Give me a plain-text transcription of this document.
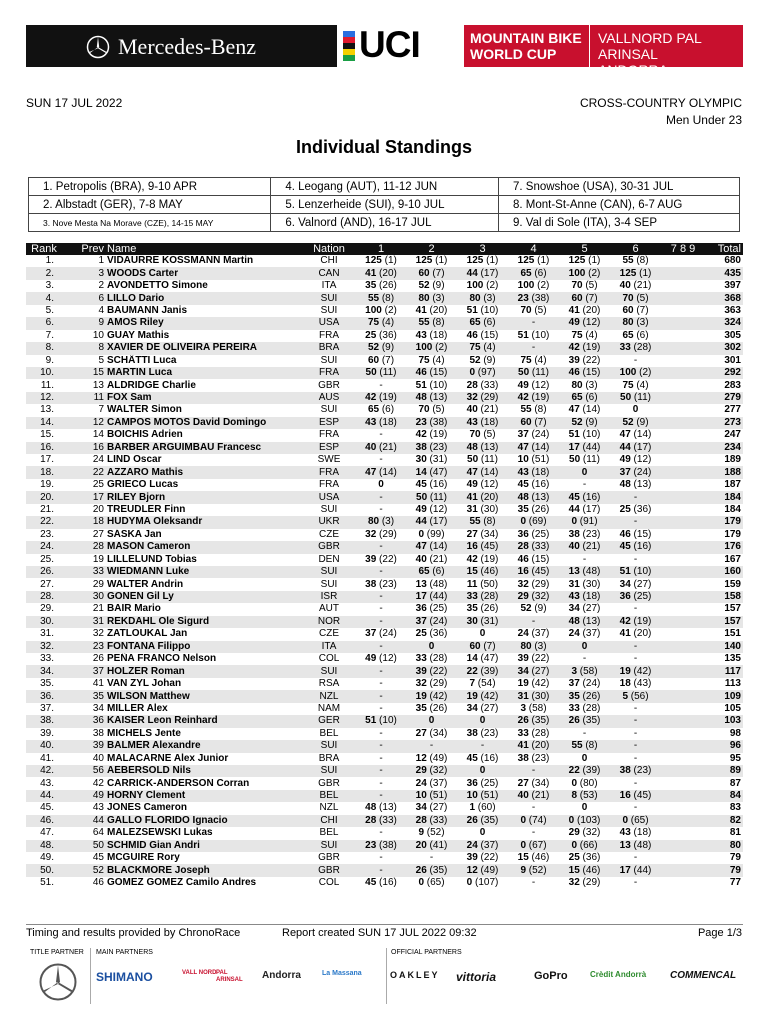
Mercedes-Benz	UCI	MOUNTAIN BIKE
WORLD CUP
VALLNORD PAL ARINSAL
ANDORRA
SUN 17 JUL 2022	CROSS-COUNTRY OLYMPIC
Men Under 23
Individual Standings
1. Petropolis (BRA), 9-10 APR	4. Leogang (AUT), 11-12 JUN	7. Snowshoe (USA), 30-31 JUL
2. Albstadt (GER), 7-8 MAY	5. Lenzerheide (SUI), 9-10 JUL	8. Mont-St-Anne (CAN), 6-7 AUG
3. Nove Mesta Na Morave (CZE), 14-15 MAY	6. Valnord (AND), 16-17 JUL	9. Val di Sole (ITA), 3-4 SEP
Rank	Prev	Name	Nation	1	2	3	4	5	6	7 8 9	Total
1.	1	VIDAURRE KOSSMANN Martin	CHI	125 (1)	125 (1)	125 (1)	125 (1)	125 (1)	55 (8)		680
2.	3	WOODS Carter	CAN	41 (20)	60 (7)	44 (17)	65 (6)	100 (2)	125 (1)		435
3.	2	AVONDETTO Simone	ITA	35 (26)	52 (9)	100 (2)	100 (2)	70 (5)	40 (21)		397
4.	6	LILLO Dario	SUI	55 (8)	80 (3)	80 (3)	23 (38)	60 (7)	70 (5)		368
5.	4	BAUMANN Janis	SUI	100 (2)	41 (20)	51 (10)	70 (5)	41 (20)	60 (7)		363
6.	9	AMOS Riley	USA	75 (4)	55 (8)	65 (6)	-	49 (12)	80 (3)		324
7.	10	GUAY Mathis	FRA	25 (36)	43 (18)	46 (15)	51 (10)	75 (4)	65 (6)		305
8.	8	XAVIER DE OLIVEIRA PEREIRA	BRA	52 (9)	100 (2)	75 (4)	-	42 (19)	33 (28)		302
9.	5	SCHÄTTI Luca	SUI	60 (7)	75 (4)	52 (9)	75 (4)	39 (22)	-		301
10.	15	MARTIN Luca	FRA	50 (11)	46 (15)	0 (97)	50 (11)	46 (15)	100 (2)		292
11.	13	ALDRIDGE Charlie	GBR	-	51 (10)	28 (33)	49 (12)	80 (3)	75 (4)		283
12.	11	FOX Sam	AUS	42 (19)	48 (13)	32 (29)	42 (19)	65 (6)	50 (11)		279
13.	7	WALTER Simon	SUI	65 (6)	70 (5)	40 (21)	55 (8)	47 (14)	0		277
14.	12	CAMPOS MOTOS David Domingo	ESP	43 (18)	23 (38)	43 (18)	60 (7)	52 (9)	52 (9)		273
15.	14	BOICHIS Adrien	FRA	-	42 (19)	70 (5)	37 (24)	51 (10)	47 (14)		247
16.	16	BARBER ARGUIMBAU Francesc	ESP	40 (21)	38 (23)	48 (13)	47 (14)	17 (44)	44 (17)		234
17.	24	LIND Oscar	SWE	-	30 (31)	50 (11)	10 (51)	50 (11)	49 (12)		189
18.	22	AZZARO Mathis	FRA	47 (14)	14 (47)	47 (14)	43 (18)	0	37 (24)		188
19.	25	GRIECO Lucas	FRA	0	45 (16)	49 (12)	45 (16)	-	48 (13)		187
20.	17	RILEY Bjorn	USA	-	50 (11)	41 (20)	48 (13)	45 (16)	-		184
21.	20	TREUDLER Finn	SUI	-	49 (12)	31 (30)	35 (26)	44 (17)	25 (36)		184
22.	18	HUDYMA Oleksandr	UKR	80 (3)	44 (17)	55 (8)	0 (69)	0 (91)	-		179
23.	27	SÁSKA Jan	CZE	32 (29)	0 (99)	27 (34)	36 (25)	38 (23)	46 (15)		179
24.	28	MASON Cameron	GBR	-	47 (14)	16 (45)	28 (33)	40 (21)	45 (16)		176
25.	19	LILLELUND Tobias	DEN	39 (22)	40 (21)	42 (19)	46 (15)	-	-		167
26.	33	WIEDMANN Luke	SUI	-	65 (6)	15 (46)	16 (45)	13 (48)	51 (10)		160
27.	29	WALTER Andrin	SUI	38 (23)	13 (48)	11 (50)	32 (29)	31 (30)	34 (27)		159
28.	30	GONEN Gil Ly	ISR	-	17 (44)	33 (28)	29 (32)	43 (18)	36 (25)		158
29.	21	BAIR Mario	AUT	-	36 (25)	35 (26)	52 (9)	34 (27)	-		157
30.	31	REKDAHL Ole Sigurd	NOR	-	37 (24)	30 (31)	-	48 (13)	42 (19)		157
31.	32	ZATLOUKAL Jan	CZE	37 (24)	25 (36)	0	24 (37)	24 (37)	41 (20)		151
32.	23	FONTANA Filippo	ITA	-	0	60 (7)	80 (3)	0	-		140
33.	26	PEÑA FRANCO Nelson	COL	49 (12)	33 (28)	14 (47)	39 (22)	-	-		135
34.	37	HOLZER Roman	SUI	-	39 (22)	22 (39)	34 (27)	3 (58)	19 (42)		117
35.	41	VAN ZYL Johan	RSA	-	32 (29)	7 (54)	19 (42)	37 (24)	18 (43)		113
36.	35	WILSON Matthew	NZL	-	19 (42)	19 (42)	31 (30)	35 (26)	5 (56)		109
37.	34	MILLER Alex	NAM	-	35 (26)	34 (27)	3 (58)	33 (28)	-		105
38.	36	KAISER Leon Reinhard	GER	51 (10)	0	0	26 (35)	26 (35)	-		103
39.	38	MICHELS Jente	BEL	-	27 (34)	38 (23)	33 (28)	-	-		98
40.	39	BALMER Alexandre	SUI	-	-	-	41 (20)	55 (8)	-		96
41.	40	MALACARNE Alex Junior	BRA	-	12 (49)	45 (16)	38 (23)	0	-		95
42.	56	AEBERSOLD Nils	SUI	-	29 (32)	0	-	22 (39)	38 (23)		89
43.	42	CARRICK-ANDERSON Corran	GBR	-	24 (37)	36 (25)	27 (34)	0 (80)	-		87
44.	49	HORNY Clement	BEL	-	10 (51)	10 (51)	40 (21)	8 (53)	16 (45)		84
45.	43	JONES Cameron	NZL	48 (13)	34 (27)	1 (60)	-	0	-		83
46.	44	GALLO FLORIDO Ignacio	CHI	28 (33)	28 (33)	26 (35)	0 (74)	0 (103)	0 (65)		82
47.	64	MALEZSEWSKI Lukas	BEL	-	9 (52)	0	-	29 (32)	43 (18)		81
48.	50	SCHMID Gian Andri	SUI	23 (38)	20 (41)	24 (37)	0 (67)	0 (66)	13 (48)		80
49.	45	MCGUIRE Rory	GBR	-	-	39 (22)	15 (46)	25 (36)	-		79
50.	52	BLACKMORE Joseph	GBR	-	26 (35)	12 (49)	9 (52)	15 (46)	17 (44)		79
51.	46	GOMEZ GOMEZ Camilo Andres	COL	45 (16)	0 (65)	0 (107)	-	32 (29)	-		77
Timing and results provided by ChronoRace	Report created SUN 17 JUL 2022 09:32	Page 1/3
TITLE PARTNER MAIN PARTNERS	OFFICIAL PARTNERS
SHIMANO	VALL NORD PAL ARINSAL	Andorra	La Massana	OAKLEY vittoria	GoPro	Crèdit Andorrà COMMENCAL
